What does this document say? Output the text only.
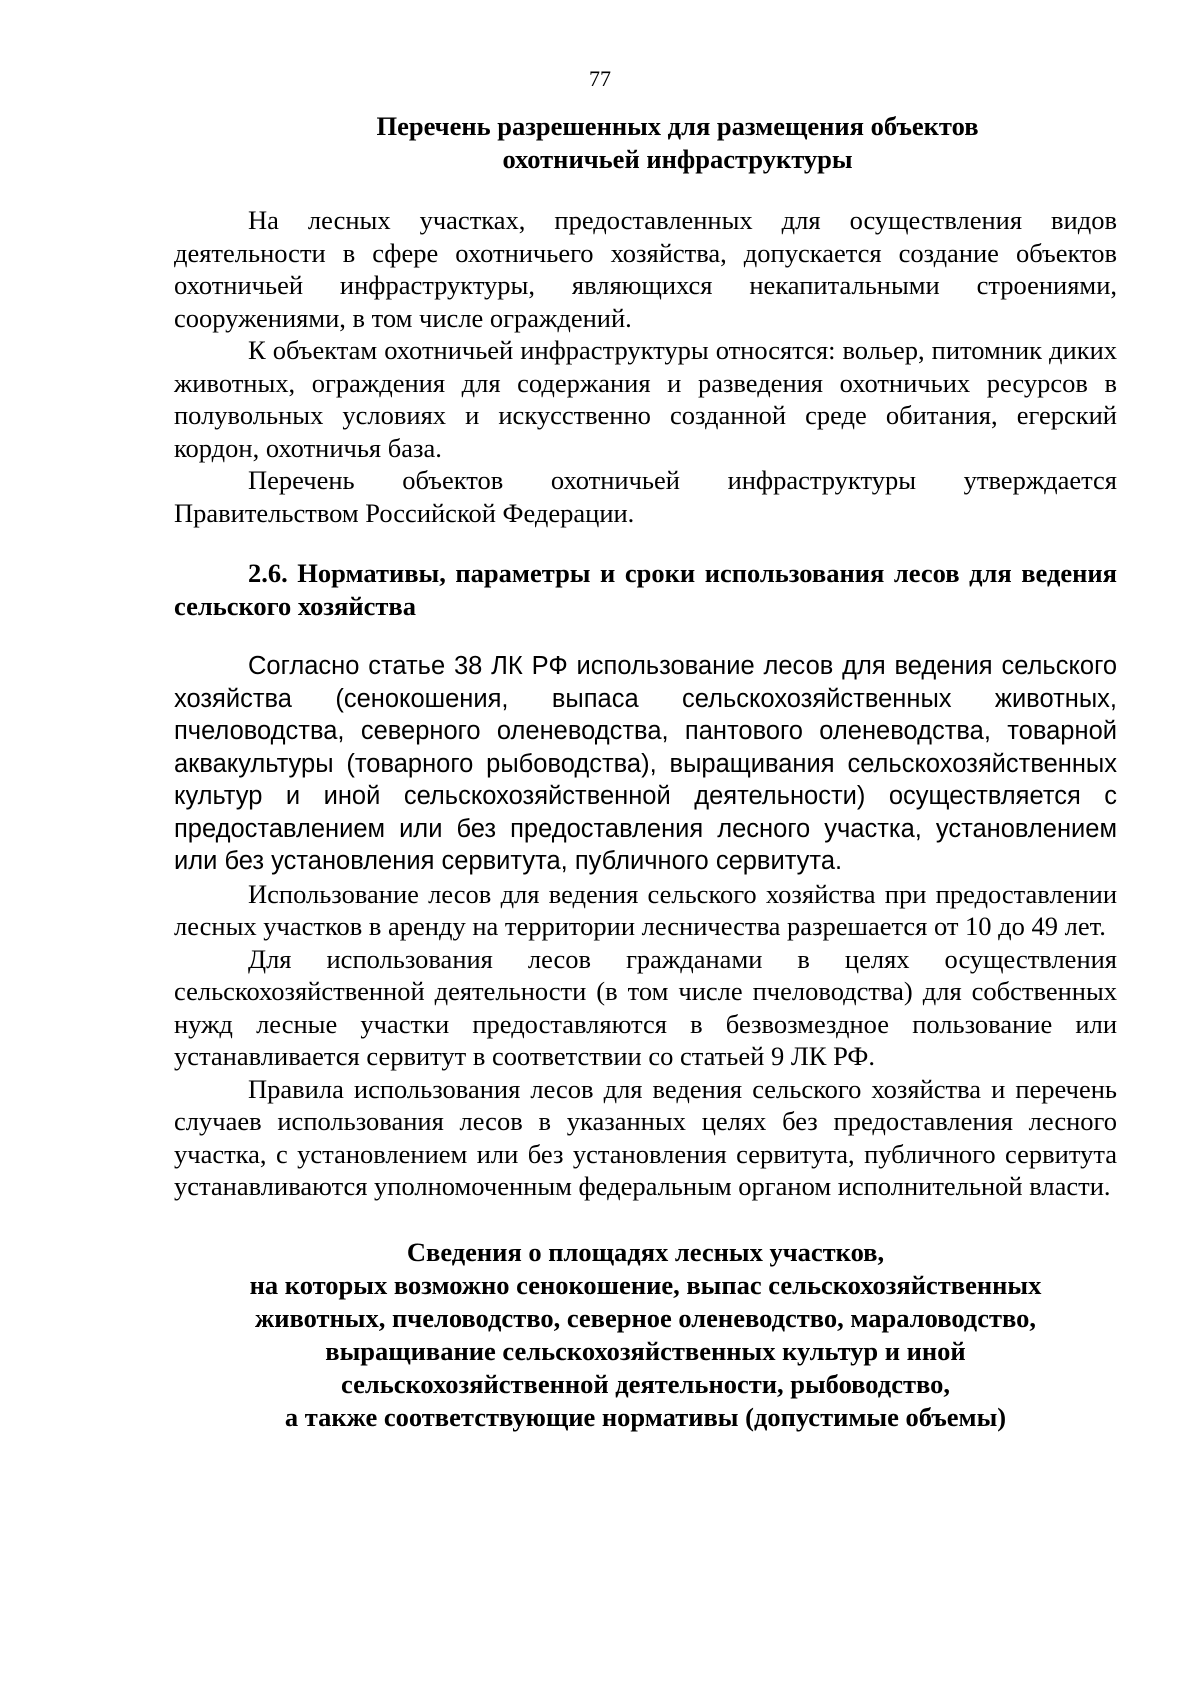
77
Перечень разрешенных для размещения объектов
охотничьей инфраструктуры

На лесных участках, предоставленных для осуществления видов деятельности в сфере охотничьего хозяйства, допускается создание объектов охотничьей инфраструктуры, являющихся некапитальными строениями, сооружениями, в том числе ограждений.

К объектам охотничьей инфраструктуры относятся: вольер, питомник диких животных, ограждения для содержания и разведения охотничьих ресурсов в полувольных условиях и искусственно созданной среде обитания, егерский кордон, охотничья база.

Перечень объектов охотничьей инфраструктуры утверждается Правительством Российской Федерации.

2.6. Нормативы, параметры и сроки использования лесов для ведения сельского хозяйства

Согласно статье 38 ЛК РФ использование лесов для ведения сельского хозяйства (сенокошения, выпаса сельскохозяйственных животных, пчеловодства, северного оленеводства, пантового оленеводства, товарной аквакультуры (товарного рыбоводства), выращивания сельскохозяйственных культур и иной сельскохозяйственной деятельности) осуществляется с предоставлением или без предоставления лесного участка, установлением или без установления сервитута, публичного сервитута.

Использование лесов для ведения сельского хозяйства при предоставлении лесных участков в аренду на территории лесничества разрешается от 10 до 49 лет.

Для использования лесов гражданами в целях осуществления сельскохозяйственной деятельности (в том числе пчеловодства) для собственных нужд лесные участки предоставляются в безвозмездное пользование или устанавливается сервитут в соответствии со статьей 9 ЛК РФ.

Правила использования лесов для ведения сельского хозяйства и перечень случаев использования лесов в указанных целях без предоставления лесного участка, с установлением или без установления сервитута, публичного сервитута устанавливаются уполномоченным федеральным органом исполнительной власти.

Сведения о площадях лесных участков,
на которых возможно сенокошение, выпас сельскохозяйственных
животных, пчеловодство, северное оленеводство, мараловодство,
выращивание сельскохозяйственных культур и иной
сельскохозяйственной деятельности, рыбоводство,
а также соответствующие нормативы (допустимые объемы)
